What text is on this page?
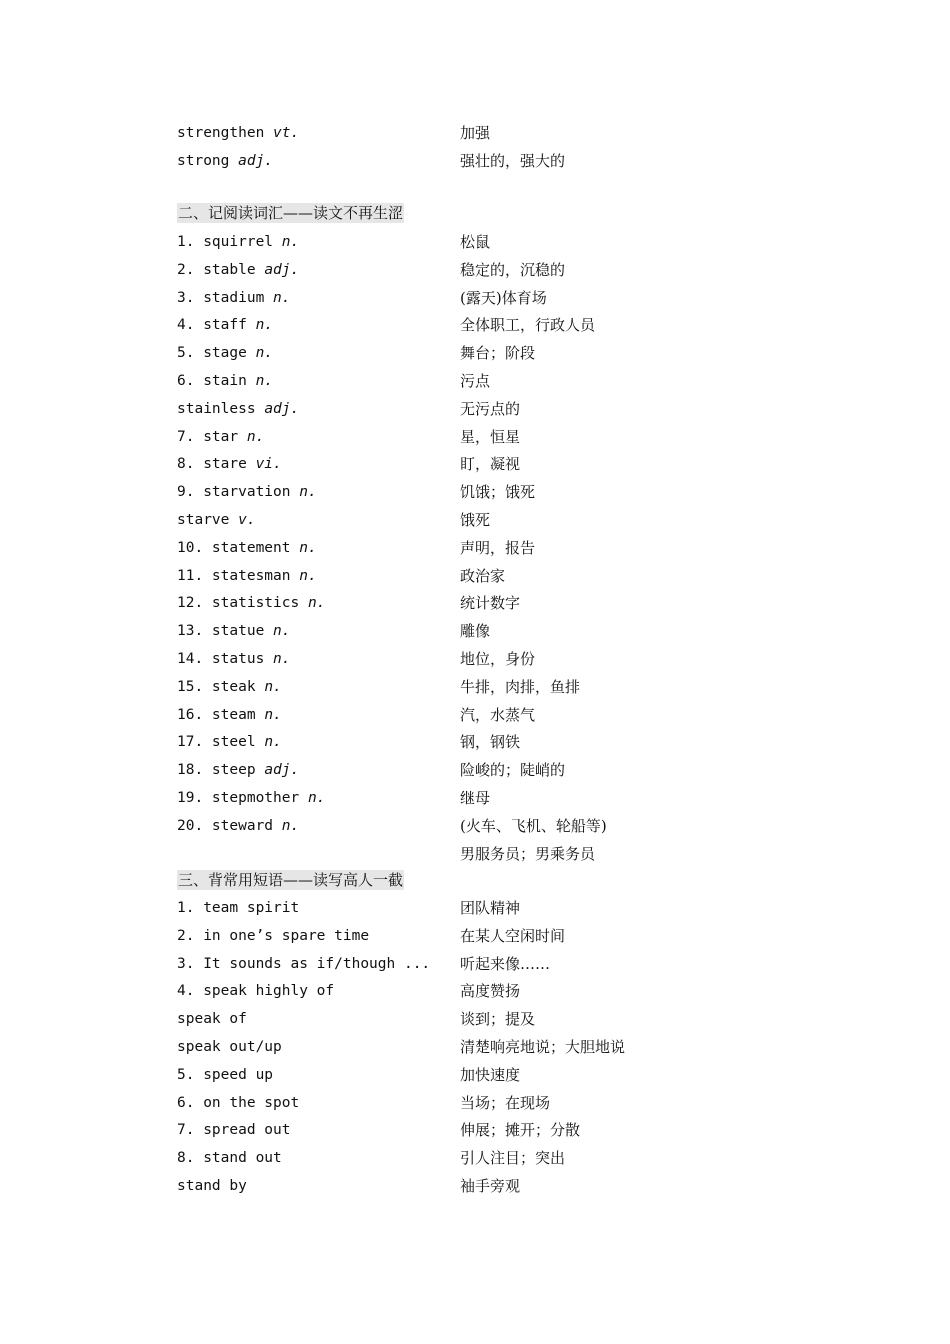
strengthen vt.	加强
strong adj.	强壮的，强大的
二、记阅读词汇——读文不再生涩
1. squirrel n.	松鼠
2. stable adj.	稳定的，沉稳的
3. stadium n.	(露天)体育场
4. staff n.	全体职工，行政人员
5. stage n.	舞台；阶段
6. stain n.	污点
stainless adj.	无污点的
7. star n.	星，恒星
8. stare vi.	盯，凝视
9. starvation n.	饥饿；饿死
starve v.	饿死
10. statement n.	声明，报告
11. statesman n.	政治家
12. statistics n.	统计数字
13. statue n.	雕像
14. status n.	地位，身份
15. steak n.	牛排，肉排，鱼排
16. steam n.	汽，水蒸气
17. steel n.	钢，钢铁
18. steep adj.	险峻的；陡峭的
19. stepmother n.	继母
20. steward n.	(火车、飞机、轮船等)
男服务员；男乘务员
三、背常用短语——读写高人一截
1. team spirit	团队精神
2. in one’s spare time	在某人空闲时间
3. It sounds as if/though ... 听起来像……
4. speak highly of	高度赞扬
speak of	谈到；提及
speak out/up	清楚响亮地说；大胆地说
5. speed up	加快速度
6. on the spot	当场；在现场
7. spread out	伸展；摊开；分散
8. stand out	引人注目；突出
stand by	袖手旁观
